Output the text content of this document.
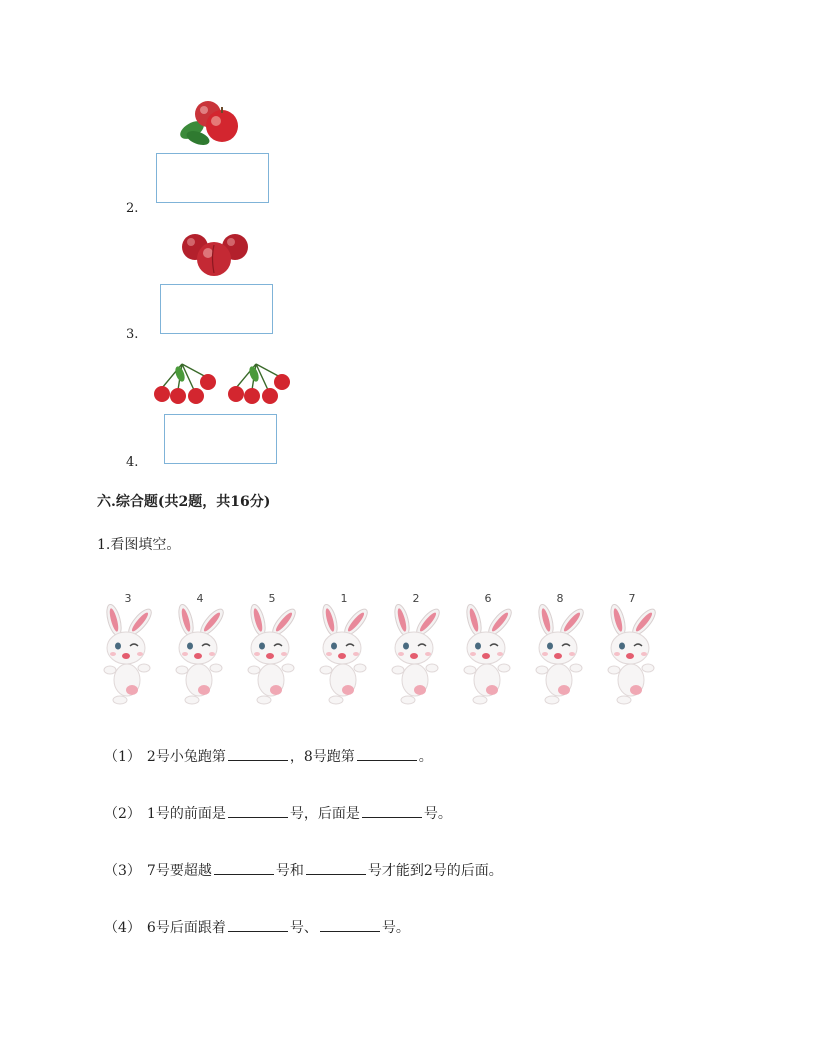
2.
3.
4.
六.综合题(共2题，共16分)
1.看图填空。
3	4	5	1	2	6	8	7
（1） 2号小兔跑第	，8号跑第	。
（2） 1号的前面是	号，后面是	号。
（3） 7号要超越	号和	号才能到2号的后面。
（4） 6号后面跟着	号、	号。
